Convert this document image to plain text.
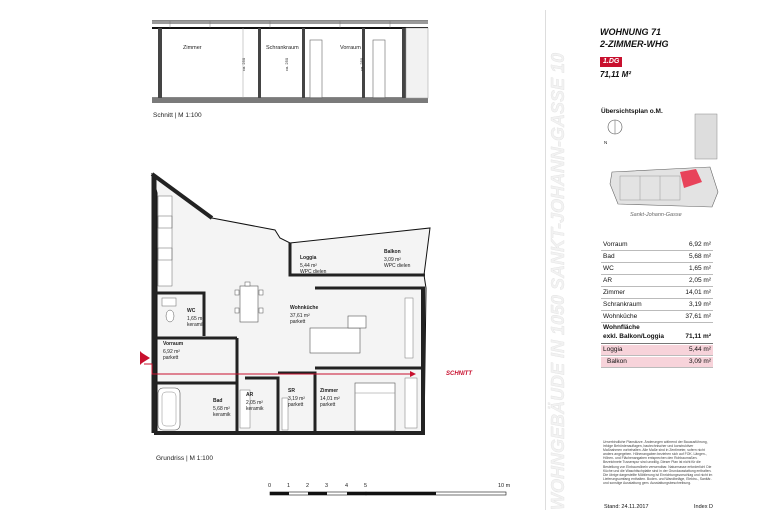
Zimmer	Schrankraum	Vorraum
ca. 250	ca. 250	ca. 250
Schnitt | M 1:100
Loggia
5,44 m²
WPC dielen
Balkon
3,09 m²
WPC dielen
Wohnküche
37,61 m²
parkett
WC
1,65 m²
keramik
Vorraum
6,92 m²
parkett
Bad
5,68 m²
keramik
AR
2,05 m²
keramik
SR
3,19 m²
parkett
Zimmer
14,01 m²
parkett
SCHNITT
Grundriss | M 1:100
0	1	2	3	4	5	10 m WOHNGEBÄUDE IN 1050 SANKT-JOHANN-GASSE 10
WOHNUNG 71
2-ZIMMER-WHG
1.DG
71,11 M²
Übersichtsplan o.M.
N
Sankt-Johann-Gasse
Vorraum	6,92 m²
Bad	5,68 m²
WC	1,65 m²
AR	2,05 m²
Zimmer	14,01 m²
Schrankraum	3,19 m²
Wohnküche	37,61 m²
Wohnfläche
exkl. Balkon/Loggia	71,11 m²
Loggia	5,44 m²
Balkon	3,09 m²
Unverbindliche Planskizze. Änderungen während der Bauausführung, infolge Behördenauflagen, bautechnischer und konstruktiver Maßnahmen vorbehalten. Alle Maße sind in Zentimeter, sofern nicht anders angegeben. Höhenangaben beziehen sich auf FOK. Längen-, Höhen- und Flächenangaben entsprechen den Rohbaumaßen. Bezeichnete Tusserspur sind unwillig. Dieser Plan ist nicht für die Bestellung von Einbaumöbeln verwendbar. Naturmasse erforderlich! Die Küche und die Waschtischplatte sind in der Grundausstattung enthalten. Die übrige dargestellte Möblierung ist Einrichtungsvorschlag und nicht im Lieferungsumfang enthalten. Boden- und Wandbeläge, Elektro-, Sanitär- und sonstige Ausstattung gem. Ausstattungsbeschreibung.
Stand: 24.11.2017	Index D
